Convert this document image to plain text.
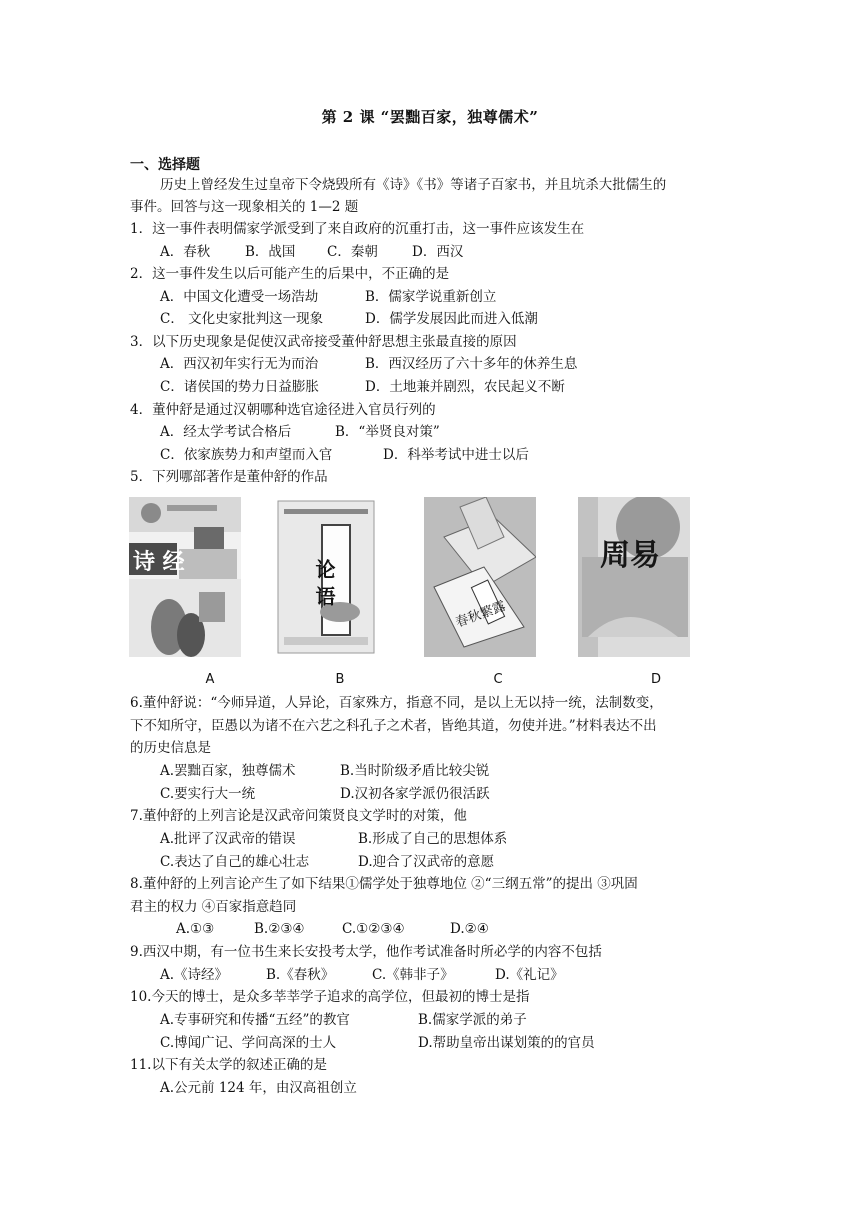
第 2 课 “罢黜百家，独尊儒术”
一、选择题
历史上曾经发生过皇帝下令烧毁所有《诗》《书》等诸子百家书，并且坑杀大批儒生的
事件。回答与这一现象相关的 1—2 题
1．这一事件表明儒家学派受到了来自政府的沉重打击，这一事件应该发生在
A．春秋	B．战国 C．秦朝	D．西汉
2．这一事件发生以后可能产生的后果中，不正确的是
A．中国文化遭受一场浩劫	B．儒家学说重新创立
C． 文化史家批判这一现象	D．儒学发展因此而进入低潮
3．以下历史现象是促使汉武帝接受董仲舒思想主张最直接的原因
A．西汉初年实行无为而治	B．西汉经历了六十多年的休养生息
C．诸侯国的势力日益膨胀	D．土地兼并剧烈，农民起义不断
4．董仲舒是通过汉朝哪种选官途径进入官员行列的
A．经太学考试合格后	B．“举贤良对策”
C．依家族势力和声望而入官	D．科举考试中进士以后
5．下列哪部著作是董仲舒的作品
诗 经	论 语
春秋繁露
周易
A	B	C	D
6.董仲舒说：“今师异道，人异论，百家殊方，指意不同，是以上无以持一统，法制数变，
下不知所守，臣愚以为诸不在六艺之科孔子之术者，皆绝其道，勿使并进。”材料表达不出
的历史信息是
A.罢黜百家，独尊儒术	B.当时阶级矛盾比较尖锐
C.要实行大一统	D.汉初各家学派仍很活跃
7.董仲舒的上列言论是汉武帝问策贤良文学时的对策，他
A.批评了汉武帝的错误	B.形成了自己的思想体系
C.表达了自己的雄心壮志	D.迎合了汉武帝的意愿
8.董仲舒的上列言论产生了如下结果①儒学处于独尊地位 ②“三纲五常”的提出 ③巩固
君主的权力 ④百家指意趋同
A.①③	B.②③④	C.①②③④	D.②④
9.西汉中期，有一位书生来长安投考太学，他作考试准备时所必学的内容不包括
A.《诗经》	B.《春秋》	C.《韩非子》	D.《礼记》
10.今天的博士，是众多莘莘学子追求的高学位，但最初的博士是指
A.专事研究和传播“五经”的教官	B.儒家学派的弟子
C.博闻广记、学问高深的士人	D.帮助皇帝出谋划策的的官员
11.以下有关太学的叙述正确的是
A.公元前 124 年，由汉高祖创立
